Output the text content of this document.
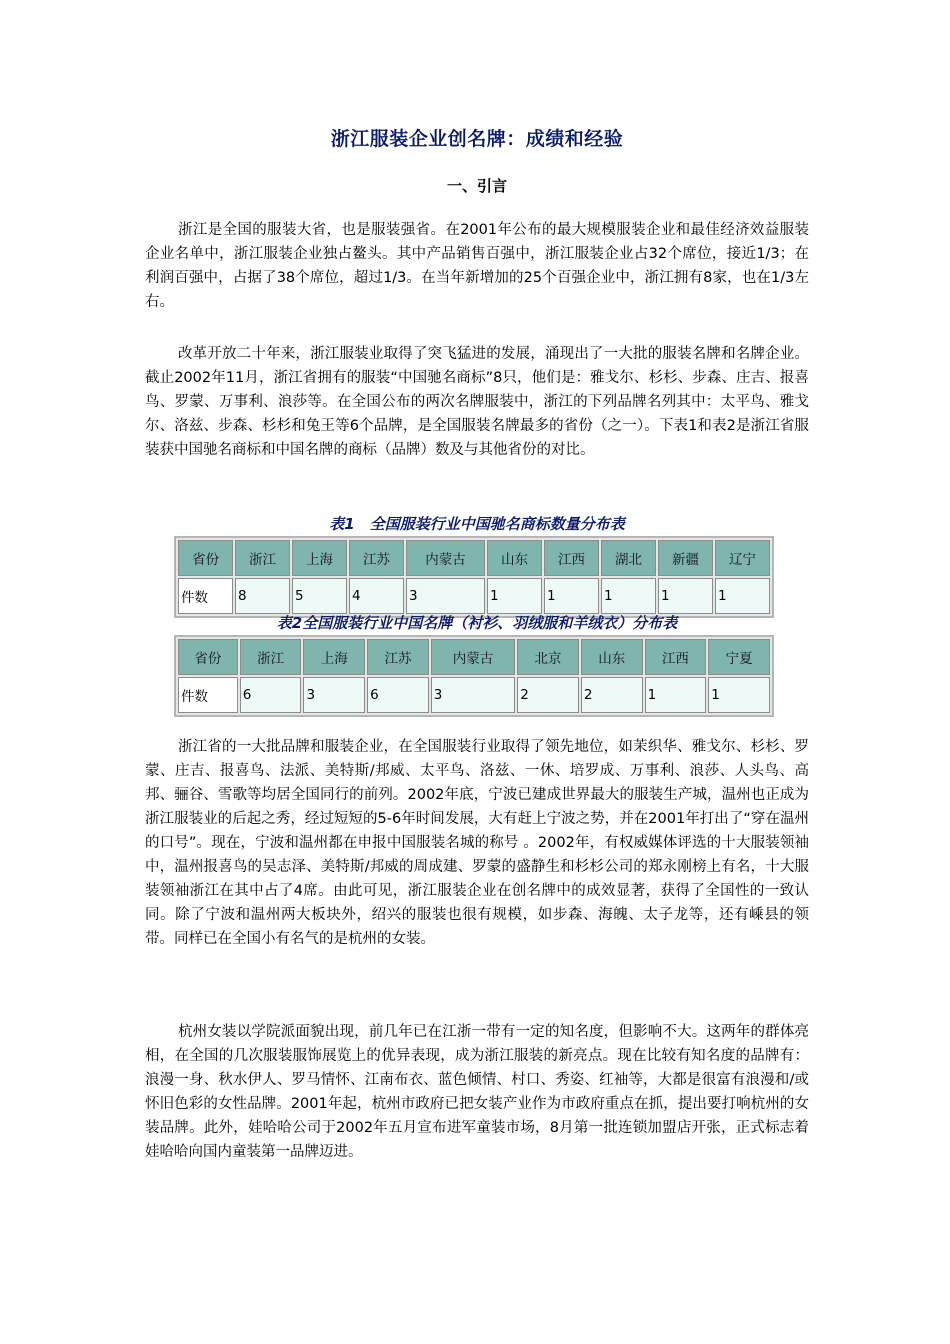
浙江服装企业创名牌：成绩和经验
一、引言

浙江是全国的服装大省，也是服装强省。在2001年公布的最大规模服装企业和最佳经济效益服装企业名单中，浙江服装企业独占鳌头。其中产品销售百强中，浙江服装企业占32个席位，接近1/3；在利润百强中，占据了38个席位，超过1/3。在当年新增加的25个百强企业中，浙江拥有8家，也在1/3左右。

改革开放二十年来，浙江服装业取得了突飞猛进的发展，涌现出了一大批的服装名牌和名牌企业。截止2002年11月，浙江省拥有的服装“中国驰名商标”8只，他们是：雅戈尔、杉杉、步森、庄吉、报喜鸟、罗蒙、万事利、浪莎等。在全国公布的两次名牌服装中，浙江的下列品牌名列其中：太平鸟、雅戈尔、洛兹、步森、杉杉和兔王等6个品牌，是全国服装名牌最多的省份（之一）。下表1和表2是浙江省服装获中国驰名商标和中国名牌的商标（品牌）数及与其他省份的对比。

表1　全国服装行业中国驰名商标数量分布表
省份	浙江	上海	江苏	内蒙古	山东	江西	湖北	新疆	辽宁
件数	8	5	4	3	1	1	1	1	1
表2全国服装行业中国名牌（衬衫、羽绒服和羊绒衣）分布表
省份	浙江	上海	江苏	内蒙古	北京	山东	江西	宁夏
件数	6	3	6	3	2	2	1	1

浙江省的一大批品牌和服装企业，在全国服装行业取得了领先地位，如茉织华、雅戈尔、杉杉、罗蒙、庄吉、报喜鸟、法派、美特斯/邦威、太平鸟、洛兹、一休、培罗成、万事利、浪莎、人头鸟、高邦、骊谷、雪歌等均居全国同行的前列。2002年底，宁波已建成世界最大的服装生产城，温州也正成为浙江服装业的后起之秀，经过短短的5-6年时间发展，大有赶上宁波之势，并在2001年打出了“穿在温州的口号”。现在，宁波和温州都在申报中国服装名城的称号 。2002年，有权威媒体评选的十大服装领袖中，温州报喜鸟的吴志泽、美特斯/邦威的周成建、罗蒙的盛静生和杉杉公司的郑永刚榜上有名，十大服装领袖浙江在其中占了4席。由此可见，浙江服装企业在创名牌中的成效显著，获得了全国性的一致认同。除了宁波和温州两大板块外，绍兴的服装也很有规模，如步森、海魄、太子龙等，还有嵊县的领带。同样已在全国小有名气的是杭州的女装。

杭州女装以学院派面貌出现，前几年已在江浙一带有一定的知名度，但影响不大。这两年的群体亮相，在全国的几次服装服饰展览上的优异表现，成为浙江服装的新亮点。现在比较有知名度的品牌有：浪漫一身、秋水伊人、罗马情怀、江南布衣、蓝色倾情、村口、秀姿、红袖等，大都是很富有浪漫和/或怀旧色彩的女性品牌。2001年起，杭州市政府已把女装产业作为市政府重点在抓，提出要打响杭州的女装品牌。此外，娃哈哈公司于2002年五月宣布进军童装市场，8月第一批连锁加盟店开张，正式标志着娃哈哈向国内童装第一品牌迈进。
